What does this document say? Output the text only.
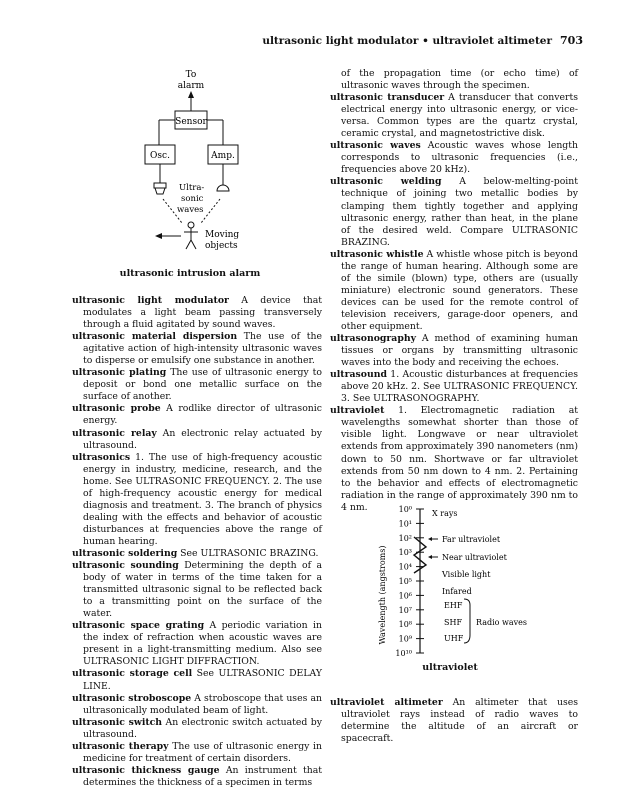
ultrasonic light modulator • ultraviolet altimeter 703
To
alarm
Sensor
Osc.	Amp.
Ultra-
sonic
waves
Moving
objects
ultrasonic intrusion alarm

ultrasonic light modulator A device that modulates a light beam passing transversely through a fluid agitated by sound waves.

ultrasonic material dispersion The use of the agitative action of high-intensity ultrasonic waves to disperse or emulsify one substance in another.

ultrasonic plating The use of ultrasonic energy to deposit or bond one metallic surface on the surface of another.

ultrasonic probe A rodlike director of ultrasonic energy.

ultrasonic relay An electronic relay actuated by ultrasound.

ultrasonics 1. The use of high-frequency acoustic energy in industry, medicine, research, and the home. See ULTRASONIC FREQUENCY. 2. The use of high-frequency acoustic energy for medical diagnosis and treatment. 3. The branch of physics dealing with the effects and behavior of acoustic disturbances at frequencies above the range of human hearing.

ultrasonic soldering See ULTRASONIC BRAZING.

ultrasonic sounding Determining the depth of a body of water in terms of the time taken for a transmitted ultrasonic signal to be reflected back to a transmitting point on the surface of the water.

ultrasonic space grating A periodic variation in the index of refraction when acoustic waves are present in a light-transmitting medium. Also see ULTRASONIC LIGHT DIFFRACTION.

ultrasonic storage cell See ULTRASONIC DELAY LINE.

ultrasonic stroboscope A stroboscope that uses an ultrasonically modulated beam of light.

ultrasonic switch An electronic switch actuated by ultrasound.

ultrasonic therapy The use of ultrasonic energy in medicine for treatment of certain disorders.

ultrasonic thickness gauge An instrument that determines the thickness of a specimen in terms

of the propagation time (or echo time) of ultrasonic waves through the specimen.

ultrasonic transducer A transducer that converts electrical energy into ultrasonic energy, or vice-versa. Common types are the quartz crystal, ceramic crystal, and magnetostrictive disk.

ultrasonic waves Acoustic waves whose length corresponds to ultrasonic frequencies (i.e., frequencies above 20 kHz).

ultrasonic welding A below-melting-point technique of joining two metallic bodies by clamping them tightly together and applying ultrasonic energy, rather than heat, in the plane of the desired weld. Compare ULTRASONIC BRAZING.

ultrasonic whistle A whistle whose pitch is beyond the range of human hearing. Although some are of the simile (blown) type, others are (usually miniature) electronic sound generators. These devices can be used for the remote control of television receivers, garage-door openers, and other equipment.

ultrasonography A method of examining human tissues or organs by transmitting ultrasonic waves into the body and receiving the echoes.

ultrasound 1. Acoustic disturbances at frequencies above 20 kHz. 2. See ULTRASONIC FREQUENCY. 3. See ULTRASONOGRAPHY.

ultraviolet 1. Electromagnetic radiation at wavelengths somewhat shorter than those of visible light. Longwave or near ultraviolet extends from approximately 390 nanometers (nm) down to 50 nm. Shortwave or far ultraviolet extends from 50 nm down to 4 nm. 2. Pertaining to the behavior and effects of electromagnetic radiation in the range of approximately 390 nm to 4 nm.

Wavelength (angstroms)
10⁰
10¹
10²
10³
10⁴
10⁵
10⁶
10⁷
10⁸
10⁹
10¹⁰
X rays
Far ultraviolet
Near ultraviolet
Visible light
Infared
EHF
SHF
UHF
Radio waves
ultraviolet

ultraviolet altimeter An altimeter that uses ultraviolet rays instead of radio waves to determine the altitude of an aircraft or spacecraft.
